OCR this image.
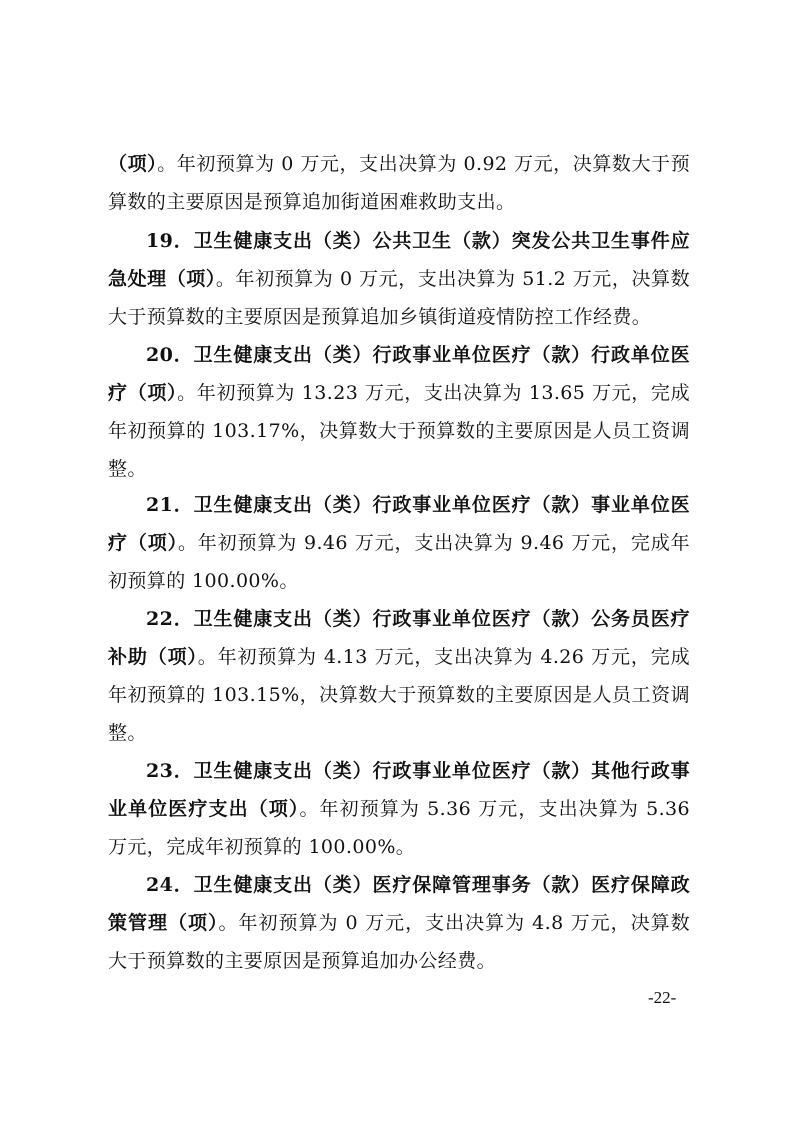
（项）。年初预算为 0 万元，支出决算为 0.92 万元，决算数大于预算数的主要原因是预算追加街道困难救助支出。

19．卫生健康支出（类）公共卫生（款）突发公共卫生事件应急处理（项）。年初预算为 0 万元，支出决算为 51.2 万元，决算数大于预算数的主要原因是预算追加乡镇街道疫情防控工作经费。

20．卫生健康支出（类）行政事业单位医疗（款）行政单位医疗（项）。年初预算为 13.23 万元，支出决算为 13.65 万元，完成年初预算的 103.17%，决算数大于预算数的主要原因是人员工资调整。

21．卫生健康支出（类）行政事业单位医疗（款）事业单位医疗（项）。年初预算为 9.46 万元，支出决算为 9.46 万元，完成年初预算的 100.00%。

22．卫生健康支出（类）行政事业单位医疗（款）公务员医疗补助（项）。年初预算为 4.13 万元，支出决算为 4.26 万元，完成年初预算的 103.15%，决算数大于预算数的主要原因是人员工资调整。

23．卫生健康支出（类）行政事业单位医疗（款）其他行政事业单位医疗支出（项）。年初预算为 5.36 万元，支出决算为 5.36 万元，完成年初预算的 100.00%。

24．卫生健康支出（类）医疗保障管理事务（款）医疗保障政策管理（项）。年初预算为 0 万元，支出决算为 4.8 万元，决算数大于预算数的主要原因是预算追加办公经费。

-22-
